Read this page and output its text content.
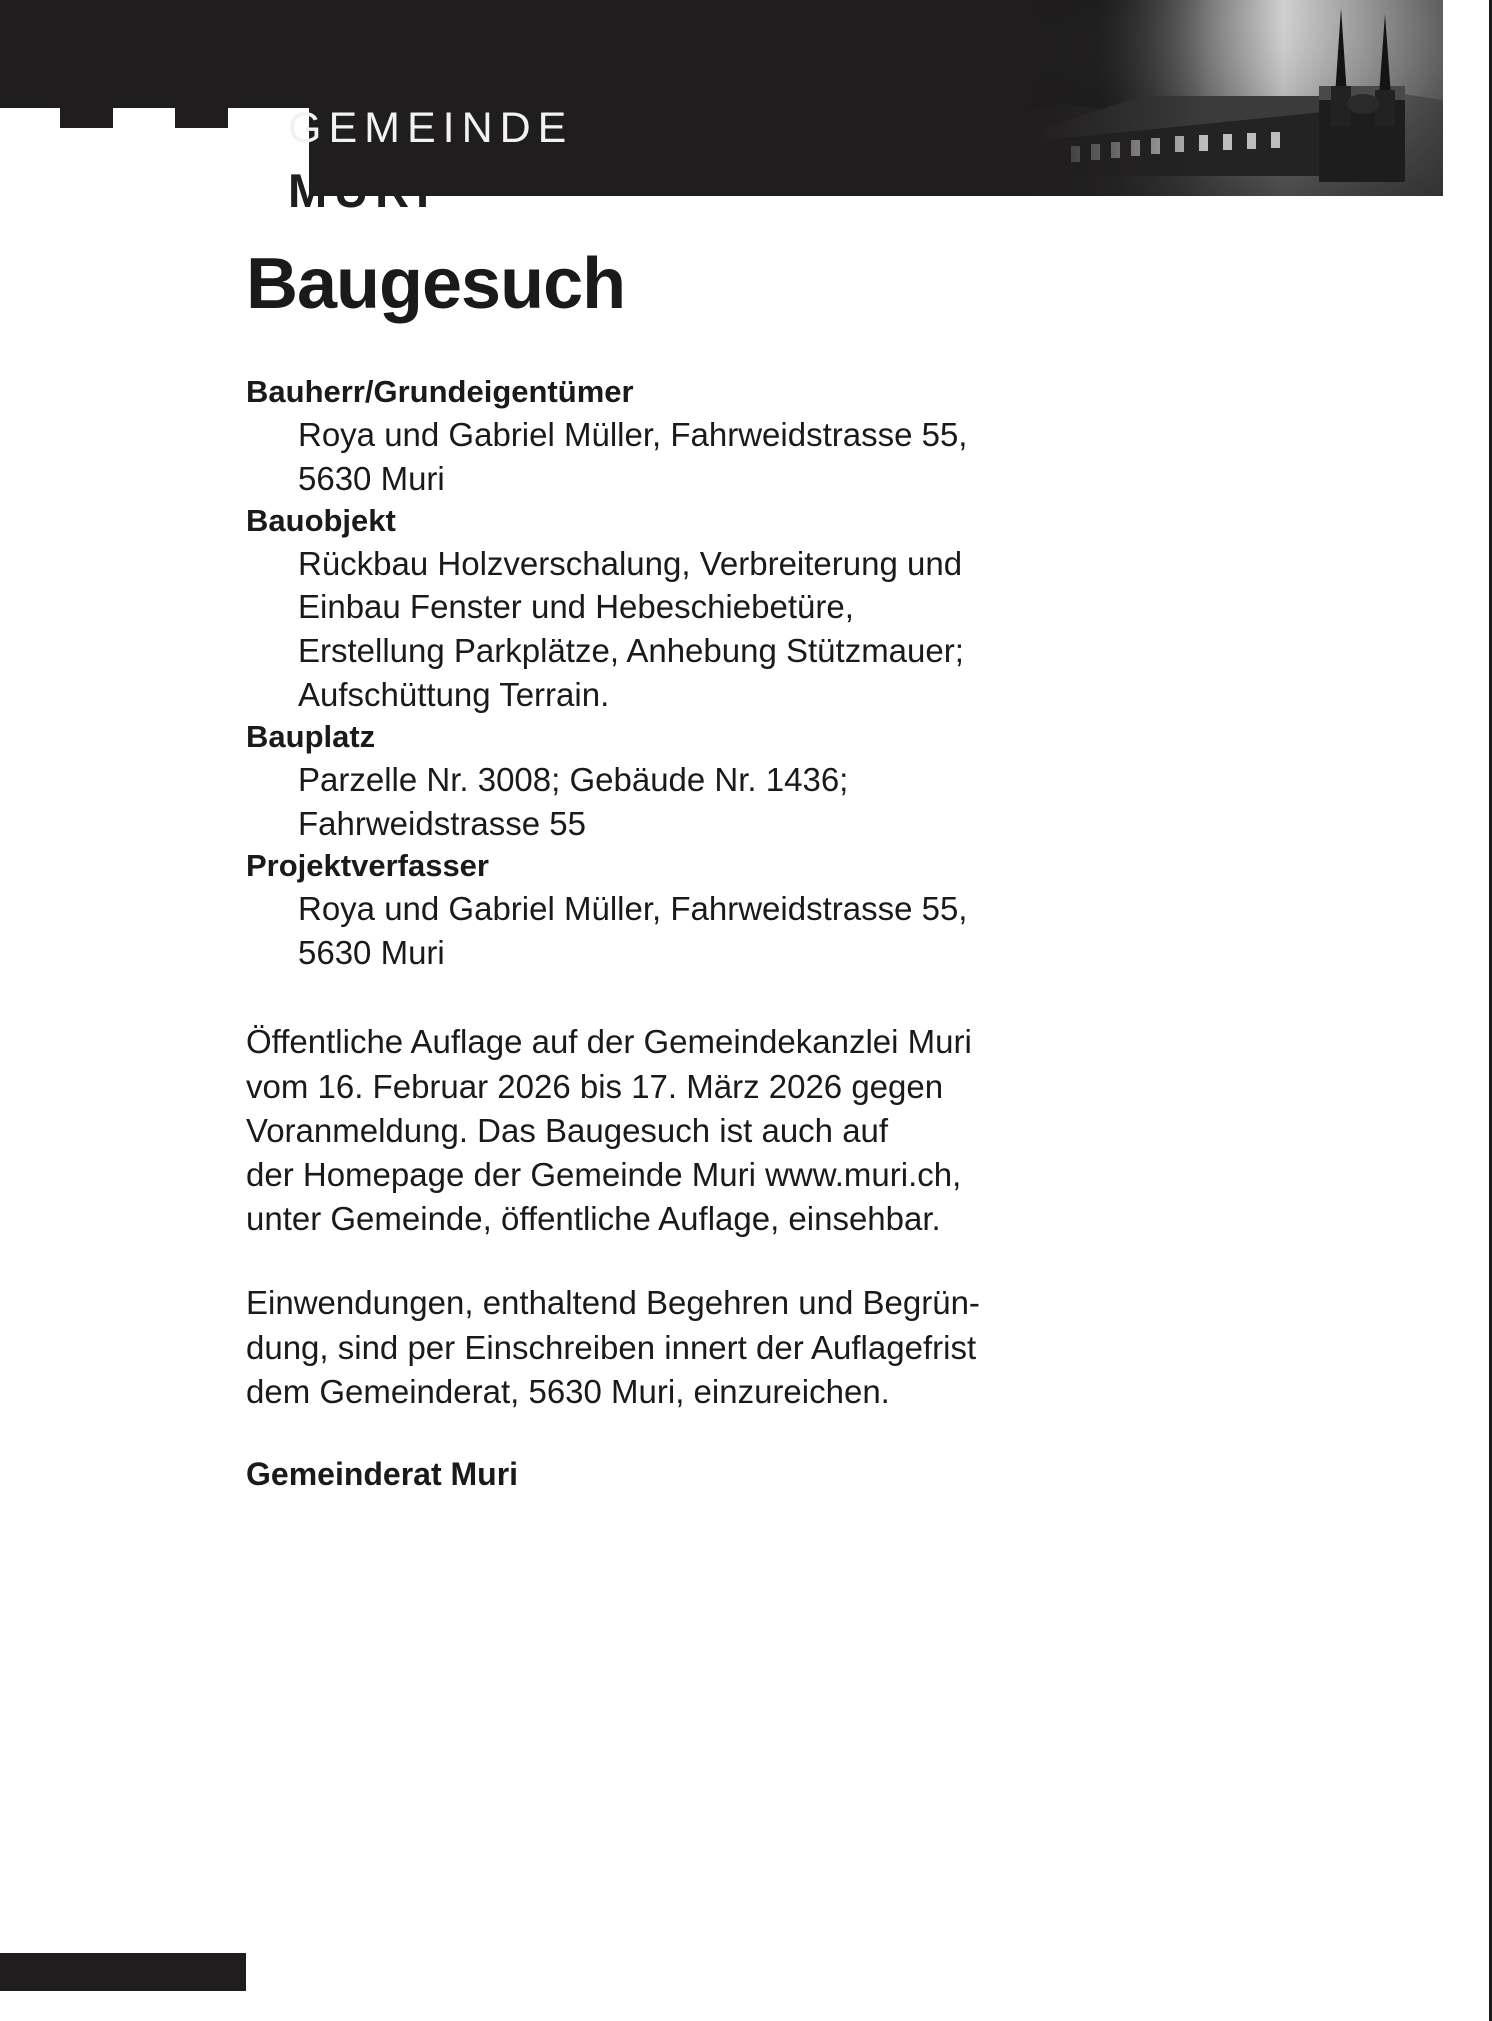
GEMEINDE
MURI
Baugesuch
Bauherr/Grundeigentümer
Roya und Gabriel Müller, Fahrweidstrasse 55,
5630 Muri
Bauobjekt
Rückbau Holzverschalung, Verbreiterung und
Einbau Fenster und Hebeschiebetüre,
Erstellung Parkplätze, Anhebung Stützmauer;
Aufschüttung Terrain.
Bauplatz
Parzelle Nr. 3008; Gebäude Nr. 1436;
Fahrweidstrasse 55
Projektverfasser
Roya und Gabriel Müller, Fahrweidstrasse 55,
5630 Muri
Öffentliche Auflage auf der Gemeindekanzlei Muri
vom 16. Februar 2026 bis 17. März 2026 gegen
Voranmeldung. Das Baugesuch ist auch auf
der Homepage der Gemeinde Muri www.muri.ch,
unter Gemeinde, öffentliche Auflage, einsehbar.
Einwendungen, enthaltend Begehren und Begrün-
dung, sind per Einschreiben innert der Auflagefrist
dem Gemeinderat, 5630 Muri, einzureichen.
Gemeinderat Muri
